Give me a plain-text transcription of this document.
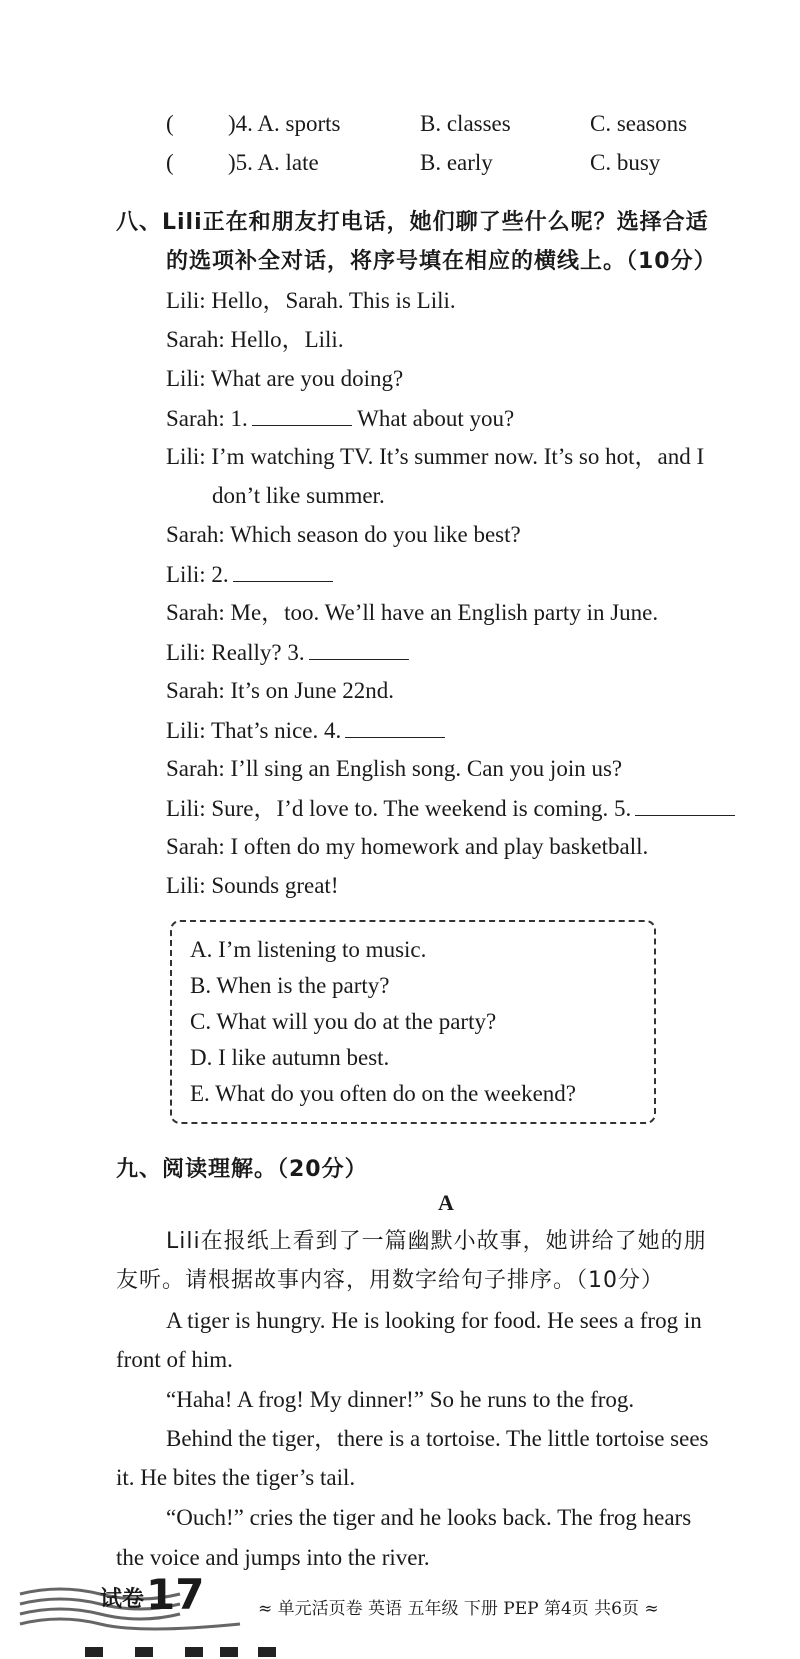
( )4. A. sports	B. classes	C. seasons
( )5. A. late	B. early	C. busy
八、Lili正在和朋友打电话，她们聊了些什么呢？选择合适
的选项补全对话，将序号填在相应的横线上。（10分）
Lili: Hello，Sarah. This is Lili.
Sarah: Hello，Lili.
Lili: What are you doing?
Sarah: 1.	What about you?
Lili: I’m watching TV. It’s summer now. It’s so hot，and I
don’t like summer.
Sarah: Which season do you like best?
Lili: 2.
Sarah: Me，too. We’ll have an English party in June.
Lili: Really? 3.
Sarah: It’s on June 22nd.
Lili: That’s nice. 4.
Sarah: I’ll sing an English song. Can you join us?
Lili: Sure，I’d love to. The weekend is coming. 5.
Sarah: I often do my homework and play basketball.
Lili: Sounds great!
A. I’m listening to music.
B. When is the party?
C. What will you do at the party?
D. I like autumn best.
E. What do you often do on the weekend?
九、阅读理解。（20分）
A
Lili在报纸上看到了一篇幽默小故事，她讲给了她的朋
友听。请根据故事内容，用数字给句子排序。（10分）
A tiger is hungry. He is looking for food. He sees a frog in
front of him.
“Haha! A frog! My dinner!” So he runs to the frog.
Behind the tiger，there is a tortoise. The little tortoise sees
it. He bites the tiger’s tail.
“Ouch!” cries the tiger and he looks back. The frog hears
the voice and jumps into the river.
试卷 17	≈ 单元活页卷 英语 五年级 下册 PEP 第4页 共6页 ≈
